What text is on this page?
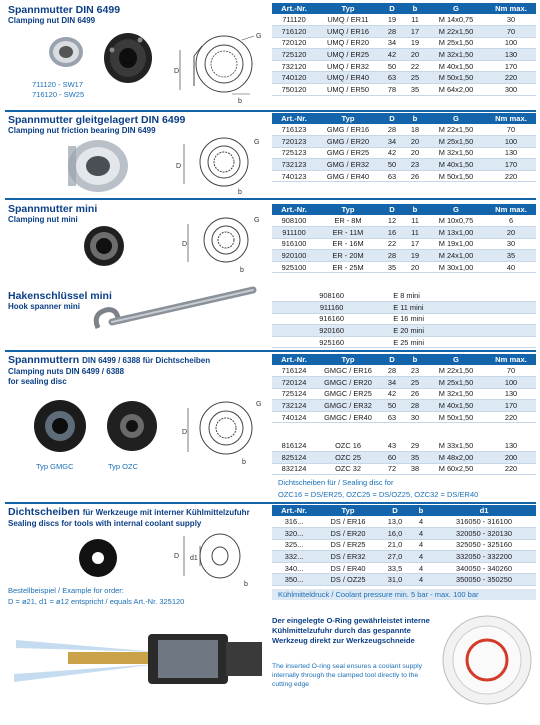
Spannmutter DIN 6499
Clamping nut DIN 6499
711120 - SW17
716120 - SW25
D
G
b
Art.-Nr.	Typ	D	b	G	Nm max.
711120	UMQ / ER11	19	11	M 14x0,75	30
716120	UMQ / ER16	28	17	M 22x1,50	70
720120	UMQ / ER20	34	19	M 25x1,50	100
725120	UMQ / ER25	42	20	M 32x1,50	130
732120	UMQ / ER32	50	22	M 40x1,50	170
740120	UMQ / ER40	63	25	M 50x1,50	220
750120	UMQ / ER50	78	35	M 64x2,00	300
Spannmutter gleitgelagert DIN 6499
Clamping nut friction bearing DIN 6499
D
G
b
Art.-Nr.	Typ	D	b	G	Nm max.
716123	GMG / ER16	28	18	M 22x1,50	70
720123	GMG / ER20	34	20	M 25x1,50	100
725123	GMG / ER25	42	20	M 32x1,50	130
732123	GMG / ER32	50	23	M 40x1,50	170
740123	GMG / ER40	63	26	M 50x1,50	220
Spannmutter mini
Clamping nut mini
D
G
b
Art.-Nr.	Typ	D	b	G	Nm max.
908100	ER - 8M	12	11	M 10x0,75	6
911100	ER - 11M	16	11	M 13x1,00	20
916100	ER - 16M	22	17	M 19x1,00	30
920100	ER - 20M	28	19	M 24x1,00	35
925100	ER - 25M	35	20	M 30x1,00	40
Hakenschlüssel mini
Hook spanner mini
908160	E 8 mini
911160	E 11 mini
916160	E 16 mini
920160	E 20 mini
925160	E 25 mini
Spannmuttern DIN 6499 / 6388 für Dichtscheiben
Clamping nuts DIN 6499 / 6388
for sealing disc
Typ GMGC	Typ OZC
D
G
b
Art.-Nr.	Typ	D	b	G	Nm max.
716124	GMGC / ER16	28	23	M 22x1,50	70
720124	GMGC / ER20	34	25	M 25x1,50	100
725124	GMGC / ER25	42	26	M 32x1,50	130
732124	GMGC / ER32	50	28	M 40x1,50	170
740124	GMGC / ER40	63	30	M 50x1,50	220
816124	OZC 16	43	29	M 33x1,50	130
825124	OZC 25	60	35	M 48x2,00	200
832124	OZC 32	72	38	M 60x2,50	220
Dichtscheiben für / Sealing disc for
OZC16 = DS/ER25, OZC25 = DS/OZ25, OZC32 = DS/ER40
Dichtscheiben für Werkzeuge mit interner Kühlmittelzufuhr
Sealing discs for tools with internal coolant supply
D d1
b
Bestellbeispiel / Example for order:
D = ø21, d1 = ø12 entspricht / equals Art.-Nr. 325120
Art.-Nr.	Typ	D	b	d1
316...	DS / ER16	13,0	4	316050 - 316100
320...	DS / ER20	16,0	4	320050 - 320130
325...	DS / ER25	21,0	4	325050 - 325160
332...	DS / ER32	27,0	4	332050 - 332200
340...	DS / ER40	33,5	4	340050 - 340260
350...	DS / OZ25	31,0	4	350050 - 350250
Kühlmitteldruck / Coolant pressure min. 5 bar - max. 100 bar
Der eingelegte O-Ring gewährleistet interne Kühlmittelzufuhr durch das gespannte Werkzeug direkt zur Werkzeugschneide
The inserted O-ring seal ensures a coolant supply internally through the clamped tool directly to the cutting edge
